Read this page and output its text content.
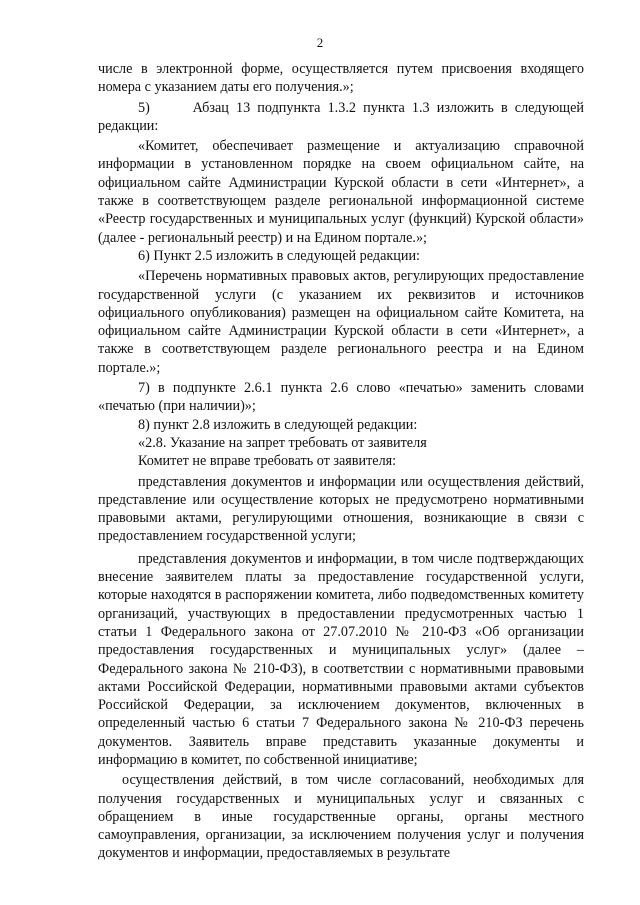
2

числе в электронной форме, осуществляется путем присвоения входящего номера с указанием даты его получения.»;

5)      Абзац 13 подпункта 1.3.2 пункта 1.3 изложить в следующей редакции:

«Комитет, обеспечивает размещение и актуализацию справочной информации в установленном порядке на своем официальном сайте, на официальном сайте Администрации Курской области в сети «Интернет», а также в соответствующем разделе региональной информационной системе «Реестр государственных и муниципальных услуг (функций) Курской области» (далее - региональный реестр) и на Едином портале.»;

6) Пункт 2.5 изложить в следующей редакции:

«Перечень нормативных правовых актов, регулирующих предоставление государственной услуги (с указанием их реквизитов и источников официального опубликования) размещен на официальном сайте Комитета, на официальном сайте Администрации Курской области в сети «Интернет», а также в соответствующем разделе регионального реестра и на Едином портале.»;

7) в подпункте 2.6.1 пункта 2.6 слово «печатью» заменить словами «печатью (при наличии)»;

8) пункт 2.8 изложить в следующей редакции:

«2.8. Указание на запрет требовать от заявителя

Комитет не вправе требовать от заявителя:

представления документов и информации или осуществления действий, представление или осуществление которых не предусмотрено нормативными правовыми актами, регулирующими отношения, возникающие в связи с предоставлением государственной услуги;

представления документов и информации, в том числе подтверждающих внесение заявителем платы за предоставление государственной услуги, которые находятся в распоряжении комитета, либо подведомственных комитету организаций, участвующих в предоставлении предусмотренных частью 1 статьи 1 Федерального закона от 27.07.2010 № 210-ФЗ «Об организации предоставления государственных и муниципальных услуг» (далее – Федерального закона № 210-ФЗ), в соответствии с нормативными правовыми актами Российской Федерации, нормативными правовыми актами субъектов Российской Федерации, за исключением документов, включенных в определенный частью 6 статьи 7 Федерального закона № 210-ФЗ перечень документов. Заявитель вправе представить указанные документы и информацию в комитет, по собственной инициативе;

осуществления действий, в том числе согласований, необходимых для получения государственных и муниципальных услуг и связанных с обращением в иные государственные органы, органы местного самоуправления, организации, за исключением получения услуг и получения документов и информации, предоставляемых в результате
